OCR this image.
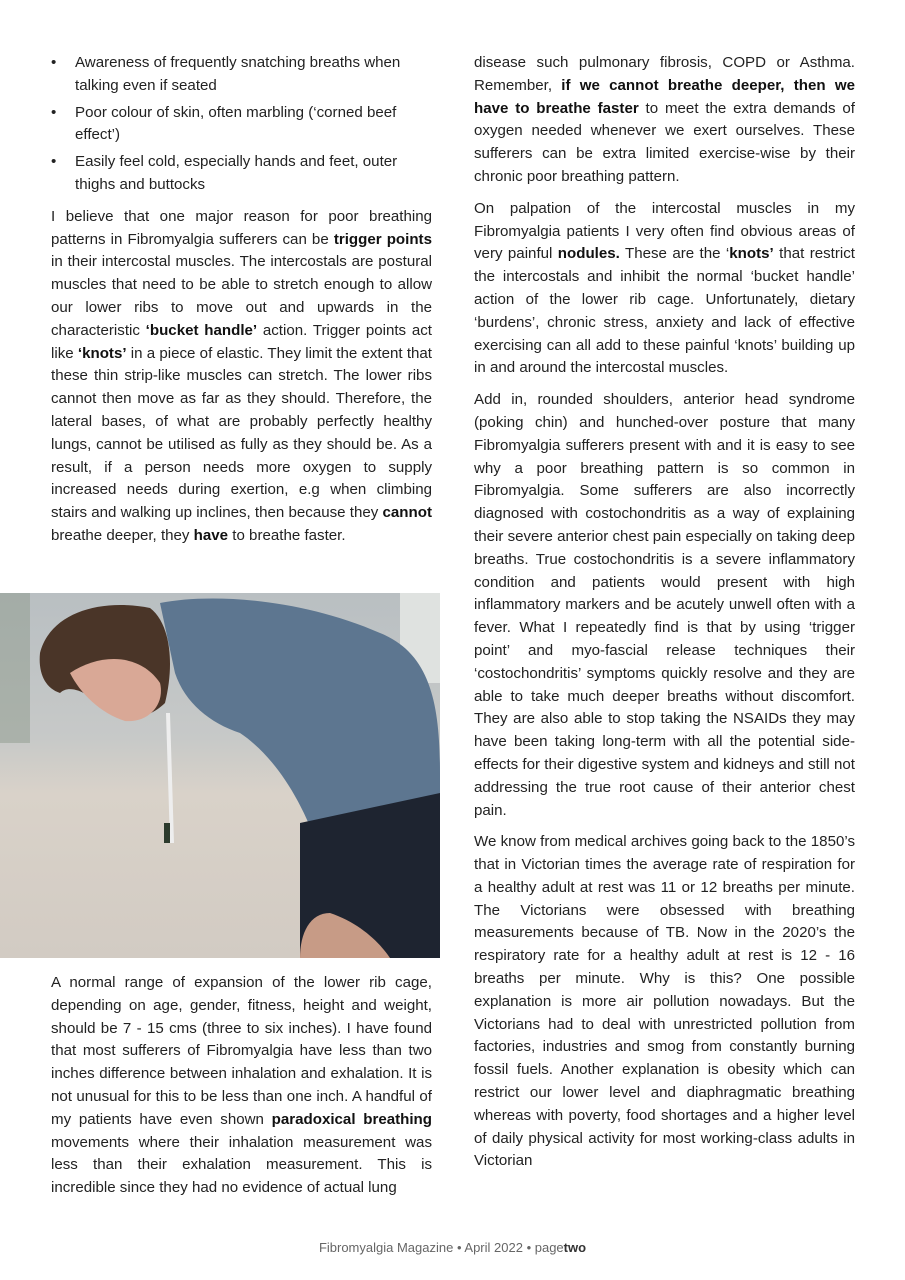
• Awareness of frequently snatching breaths when talking even if seated
• Poor colour of skin, often marbling (‘corned beef effect’)
• Easily feel cold, especially hands and feet, outer thighs and buttocks

I believe that one major reason for poor breathing patterns in Fibromyalgia sufferers can be trigger points in their intercostal muscles. The intercostals are postural muscles that need to be able to stretch enough to allow our lower ribs to move out and upwards in the characteristic ‘bucket handle’ action. Trigger points act like ‘knots’ in a piece of elastic. They limit the extent that these thin strip-like muscles can stretch. The lower ribs cannot then move as far as they should. Therefore, the lateral bases, of what are probably perfectly healthy lungs, cannot be utilised as fully as they should be. As a result, if a person needs more oxygen to supply increased needs during exertion, e.g when climbing stairs and walking up inclines, then because they cannot breathe deeper, they have to breathe faster.

A normal range of expansion of the lower rib cage, depending on age, gender, fitness, height and weight, should be 7 - 15 cms (three to six inches). I have found that most sufferers of Fibromyalgia have less than two inches difference between inhalation and exhalation. It is not unusual for this to be less than one inch. A handful of my patients have even shown paradoxical breathing movements where their inhalation measurement was less than their exhalation measurement. This is incredible since they had no evidence of actual lung

disease such pulmonary fibrosis, COPD or Asthma. Remember, if we cannot breathe deeper, then we have to breathe faster to meet the extra demands of oxygen needed whenever we exert ourselves. These sufferers can be extra limited exercise-wise by their chronic poor breathing pattern.

On palpation of the intercostal muscles in my Fibromyalgia patients I very often find obvious areas of very painful nodules. These are the ‘knots’ that restrict the intercostals and inhibit the normal ‘bucket handle’ action of the lower rib cage. Unfortunately, dietary ‘burdens’, chronic stress, anxiety and lack of effective exercising can all add to these painful ‘knots’ building up in and around the intercostal muscles.

Add in, rounded shoulders, anterior head syndrome (poking chin) and hunched-over posture that many Fibromyalgia sufferers present with and it is easy to see why a poor breathing pattern is so common in Fibromyalgia. Some sufferers are also incorrectly diagnosed with costochondritis as a way of explaining their severe anterior chest pain especially on taking deep breaths. True costochondritis is a severe inflammatory condition and patients would present with high inflammatory markers and be acutely unwell often with a fever. What I repeatedly find is that by using ‘trigger point’ and myo-fascial release techniques their ‘costochondritis’ symptoms quickly resolve and they are able to take much deeper breaths without discomfort. They are also able to stop taking the NSAIDs they may have been taking long-term with all the potential side-effects for their digestive system and kidneys and still not addressing the true root cause of their anterior chest pain.

We know from medical archives going back to the 1850’s that in Victorian times the average rate of respiration for a healthy adult at rest was 11 or 12 breaths per minute. The Victorians were obsessed with breathing measurements because of TB. Now in the 2020’s the respiratory rate for a healthy adult at rest is 12 - 16 breaths per minute. Why is this? One possible explanation is more air pollution nowadays. But the Victorians had to deal with unrestricted pollution from factories, industries and smog from constantly burning fossil fuels. Another explanation is obesity which can restrict our lower level and diaphragmatic breathing whereas with poverty, food shortages and a higher level of daily physical activity for most working-class adults in Victorian

Fibromyalgia Magazine • April 2022 • pagetwo
